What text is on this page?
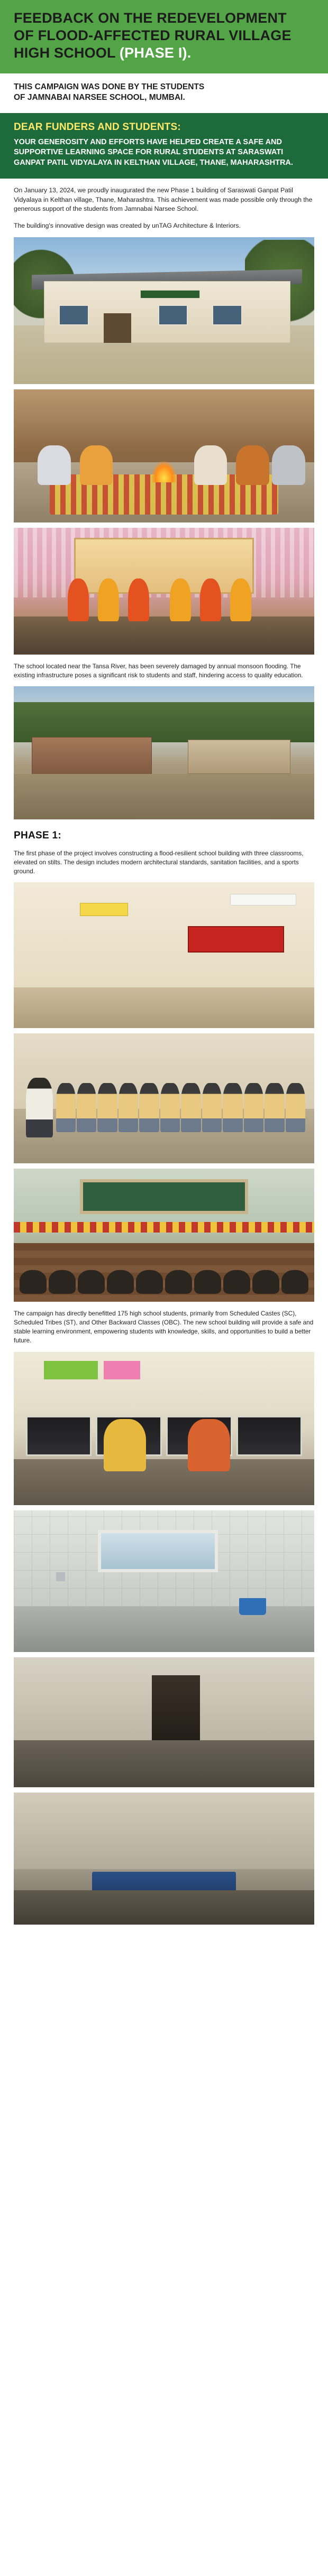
FEEDBACK ON THE REDEVELOPMENT
OF FLOOD-AFFECTED RURAL VILLAGE
HIGH SCHOOL (PHASE I).
THIS CAMPAIGN WAS DONE BY THE STUDENTS
OF JAMNABAI NARSEE SCHOOL, MUMBAI.
DEAR FUNDERS AND STUDENTS:
YOUR GENEROSITY AND EFFORTS HAVE HELPED CREATE A SAFE AND SUPPORTIVE LEARNING SPACE FOR RURAL STUDENTS AT SARASWATI GANPAT PATIL VIDYALAYA IN KELTHAN VILLAGE, THANE, MAHARASHTRA.

On January 13, 2024, we proudly inaugurated the new Phase 1 building of Saraswati Ganpat Patil Vidyalaya in Kelthan village, Thane, Maharashtra. This achievement was made possible only through the generous support of the students from Jamnabai Narsee School.

The building's innovative design was created by unTAG Architecture & Interiors.

The school located near the Tansa River, has been severely damaged by annual monsoon flooding. The existing infrastructure poses a significant risk to students and staff, hindering access to quality education.

PHASE 1:

The first phase of the project involves constructing a flood-resilient school building with three classrooms, elevated on stilts. The design includes modern architectural standards, sanitation facilities, and a sports ground.

The campaign has directly benefitted 175 high school students, primarily from Scheduled Castes (SC), Scheduled Tribes (ST), and Other Backward Classes (OBC). The new school building will provide a safe and stable learning environment, empowering students with knowledge, skills, and opportunities to build a better future.
